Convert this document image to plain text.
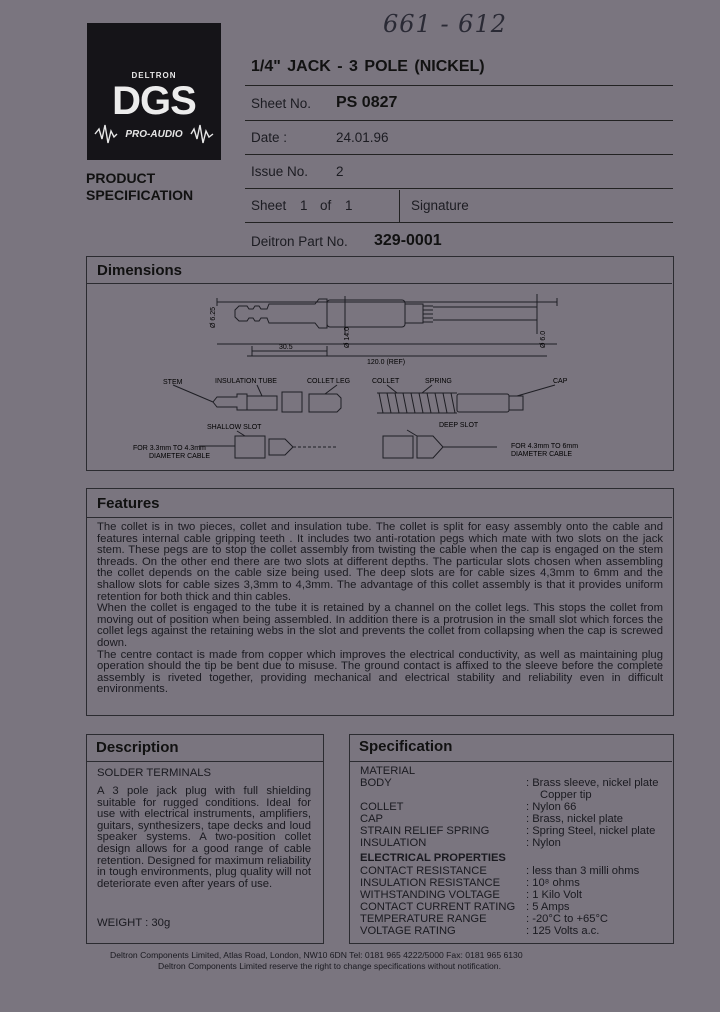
661 - 612
DELTRON
DGS
PRO-AUDIO
PRODUCT
SPECIFICATION
1/4" JACK - 3 POLE (NICKEL)
Sheet No. PS 0827
Date :	24.01.96
Issue No. 2
Sheet 1 of 1	Signature
Deitron Part No. 329-0001
Dimensions
Ø 6.25
30.5	Ø 14.0	Ø 6.0
120.0 (REF)
STEM	INSULATION TUBE	COLLET LEG	COLLET	SPRING	CAP
SHALLOW SLOT	DEEP SLOT
FOR 3.3mm TO 4.3mm
DIAMETER CABLE
FOR 4.3mm TO 6mm
DIAMETER CABLE
Features
The collet is in two pieces, collet and insulation tube. The collet is split for easy assembly onto the cable and features internal cable gripping teeth . It includes two anti-rotation pegs which mate with two slots on the jack stem. These pegs are to stop the collet assembly from twisting the cable when the cap is engaged on the stem threads. On the other end there are two slots at different depths. The particular slots chosen when assembling the collet depends on the cable size being used. The deep slots are for cable sizes 4,3mm to 6mm and the shallow slots for cable sizes 3,3mm to 4,3mm. The advantage of this collet assembly is that it provides uniform retention for both thick and thin cables.
When the collet is engaged to the tube it is retained by a channel on the collet legs. This stops the collet from moving out of position when being assembled. In addition there is a protrusion in the small slot which forces the collet legs against the retaining webs in the slot and prevents the collet from collapsing when the cap is screwed down.
The centre contact is made from copper which improves the electrical conductivity, as well as maintaining plug operation should the tip be bent due to misuse. The ground contact is affixed to the sleeve before the complete assembly is riveted together, providing mechanical and electrical stability and reliability even in difficult environments.
Description
SOLDER TERMINALS
A 3 pole jack plug with full shielding suitable for rugged conditions. Ideal for use with electrical instruments, amplifiers, guitars, synthesizers, tape decks and loud speaker systems. A two-position collet design allows for a good range of cable retention. Designed for maximum reliability in tough environments, plug quality will not deteriorate even after years of use.
WEIGHT : 30g
Specification
MATERIAL
BODY	: Brass sleeve, nickel plate
Copper tip
COLLET	: Nylon 66
CAP	: Brass, nickel plate
STRAIN RELIEF SPRING	: Spring Steel, nickel plate
INSULATION	: Nylon
ELECTRICAL PROPERTIES
CONTACT RESISTANCE	: less than 3 milli ohms
INSULATION RESISTANCE : 10⁸ ohms
WITHSTANDING VOLTAGE : 1 Kilo Volt
CONTACT CURRENT RATING : 5 Amps
TEMPERATURE RANGE	: -20°C to +65°C
VOLTAGE RATING	: 125 Volts a.c.
Deltron Components Limited, Atlas Road, London, NW10 6DN Tel: 0181 965 4222/5000 Fax: 0181 965 6130
Deltron Components Limited reserve the right to change specifications without notification.
